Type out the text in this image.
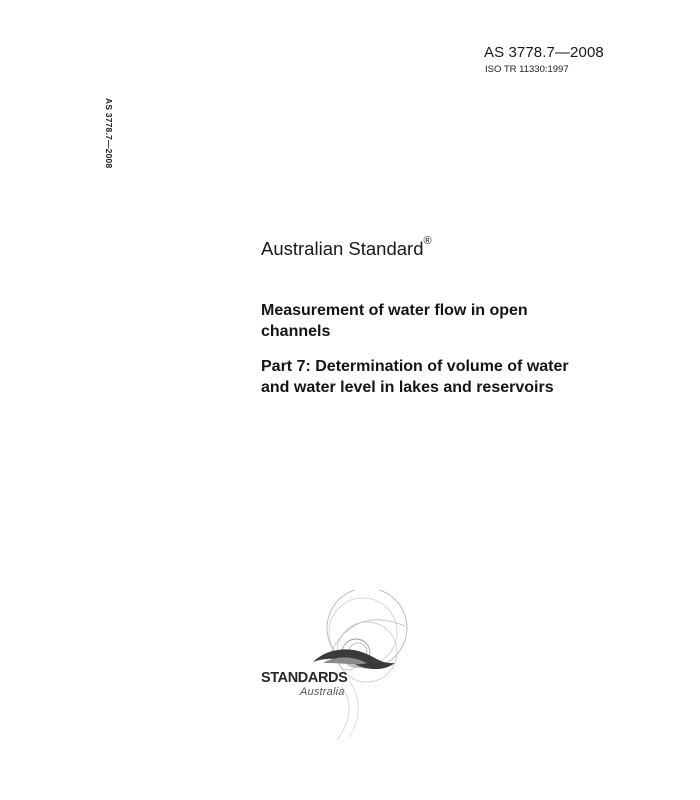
AS 3778.7—2008
ISO TR 11330:1997
AS 3778.7—2008
Australian Standard®
Measurement of water flow in open channels
Part 7: Determination of volume of water and water level in lakes and reservoirs
STANDARDS
Australia
